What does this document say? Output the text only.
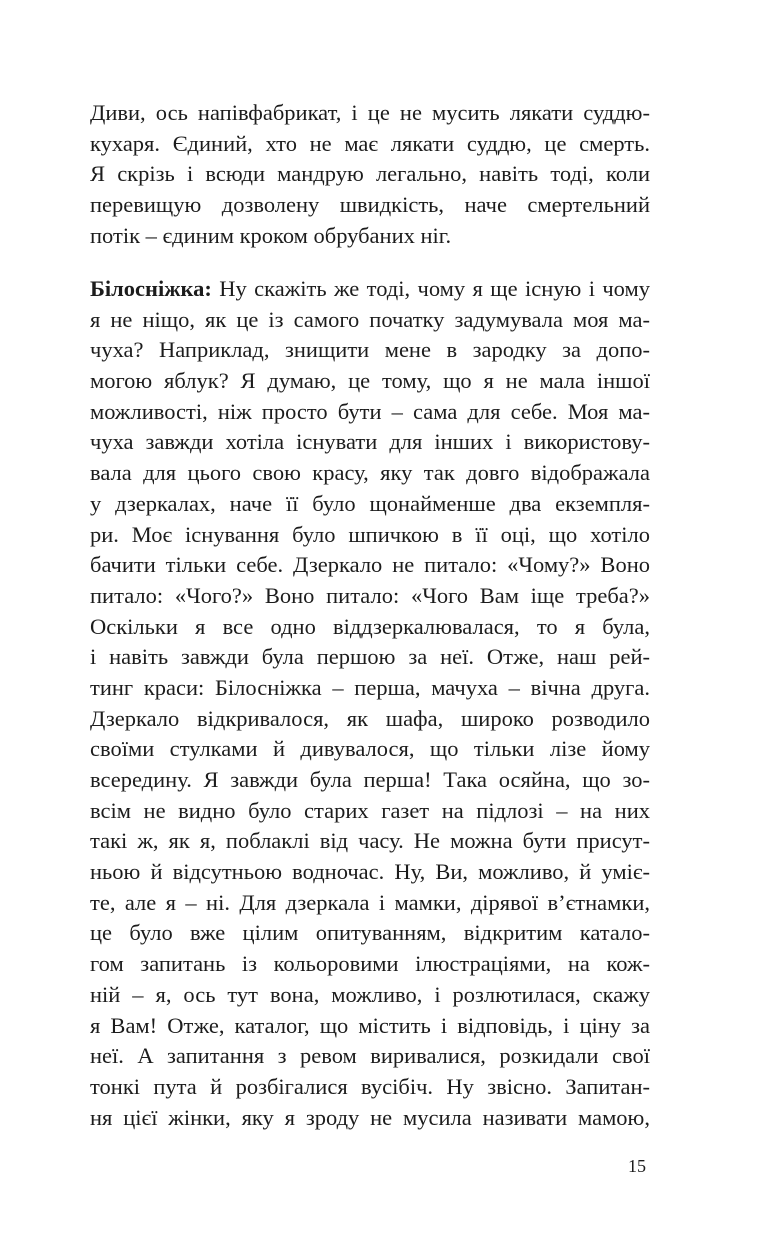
Диви, ось напівфабрикат, і це не мусить лякати суддю-
кухаря. Єдиний, хто не має лякати суддю, це смерть.
Я скрізь і всюди мандрую легально, навіть тоді, коли
перевищую дозволену швидкість, наче смертельний
потік – єдиним кроком обрубаних ніг.
Білосніжка: Ну скажіть же тоді, чому я ще існую і чому
я не ніщо, як це із самого початку задумувала моя ма-
чуха? Наприклад, знищити мене в зародку за допо-
могою яблук? Я думаю, це тому, що я не мала іншої
можливості, ніж просто бути – сама для себе. Моя ма-
чуха завжди хотіла існувати для інших і використову-
вала для цього свою красу, яку так довго відображала
у дзеркалах, наче її було щонайменше два екземпля-
ри. Моє існування було шпичкою в її оці, що хотіло
бачити тільки себе. Дзеркало не питало: «Чому?» Воно
питало: «Чого?» Воно питало: «Чого Вам іще треба?»
Оскільки я все одно віддзеркалювалася, то я була,
і навіть завжди була першою за неї. Отже, наш рей-
тинг краси: Білосніжка – перша, мачуха – вічна друга.
Дзеркало відкривалося, як шафа, широко розводило
своїми стулками й дивувалося, що тільки лізе йому
всередину. Я завжди була перша! Така осяйна, що зо-
всім не видно було старих газет на підлозі – на них
такі ж, як я, поблаклі від часу. Не можна бути присут-
ньою й відсутньою водночас. Ну, Ви, можливо, й уміє-
те, але я – ні. Для дзеркала і мамки, дірявої в’єтнамки,
це було вже цілим опитуванням, відкритим катало-
гом запитань із кольоровими ілюстраціями, на кож-
ній – я, ось тут вона, можливо, і розлютилася, скажу
я Вам! Отже, каталог, що містить і відповідь, і ціну за
неї. А запитання з ревом виривалися, розкидали свої
тонкі пута й розбігалися вусібіч. Ну звісно. Запитан-
ня цієї жінки, яку я зроду не мусила називати мамою,
15
